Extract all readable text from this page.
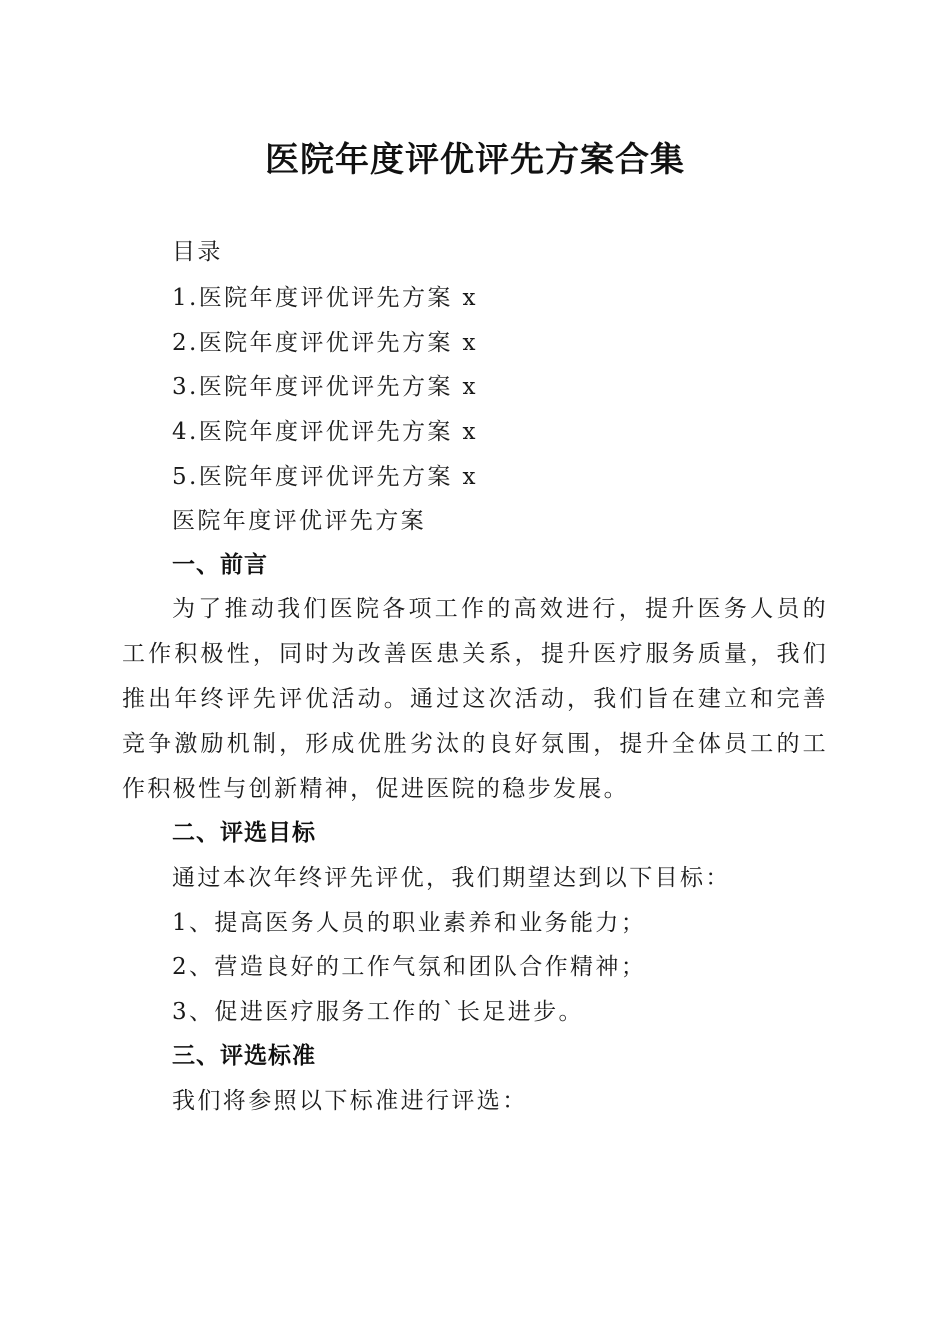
医院年度评优评先方案合集
目录
1.医院年度评优评先方案 x
2.医院年度评优评先方案 x
3.医院年度评优评先方案 x
4.医院年度评优评先方案 x
5.医院年度评优评先方案 x
医院年度评优评先方案
一、前言
为了推动我们医院各项工作的高效进行，提升医务人员的工作积极性，同时为改善医患关系，提升医疗服务质量，我们推出年终评先评优活动。通过这次活动，我们旨在建立和完善竞争激励机制，形成优胜劣汰的良好氛围，提升全体员工的工作积极性与创新精神，促进医院的稳步发展。
二、评选目标
通过本次年终评先评优，我们期望达到以下目标：
1、提高医务人员的职业素养和业务能力；
2、营造良好的工作气氛和团队合作精神；
3、促进医疗服务工作的`长足进步。
三、评选标准
我们将参照以下标准进行评选：
